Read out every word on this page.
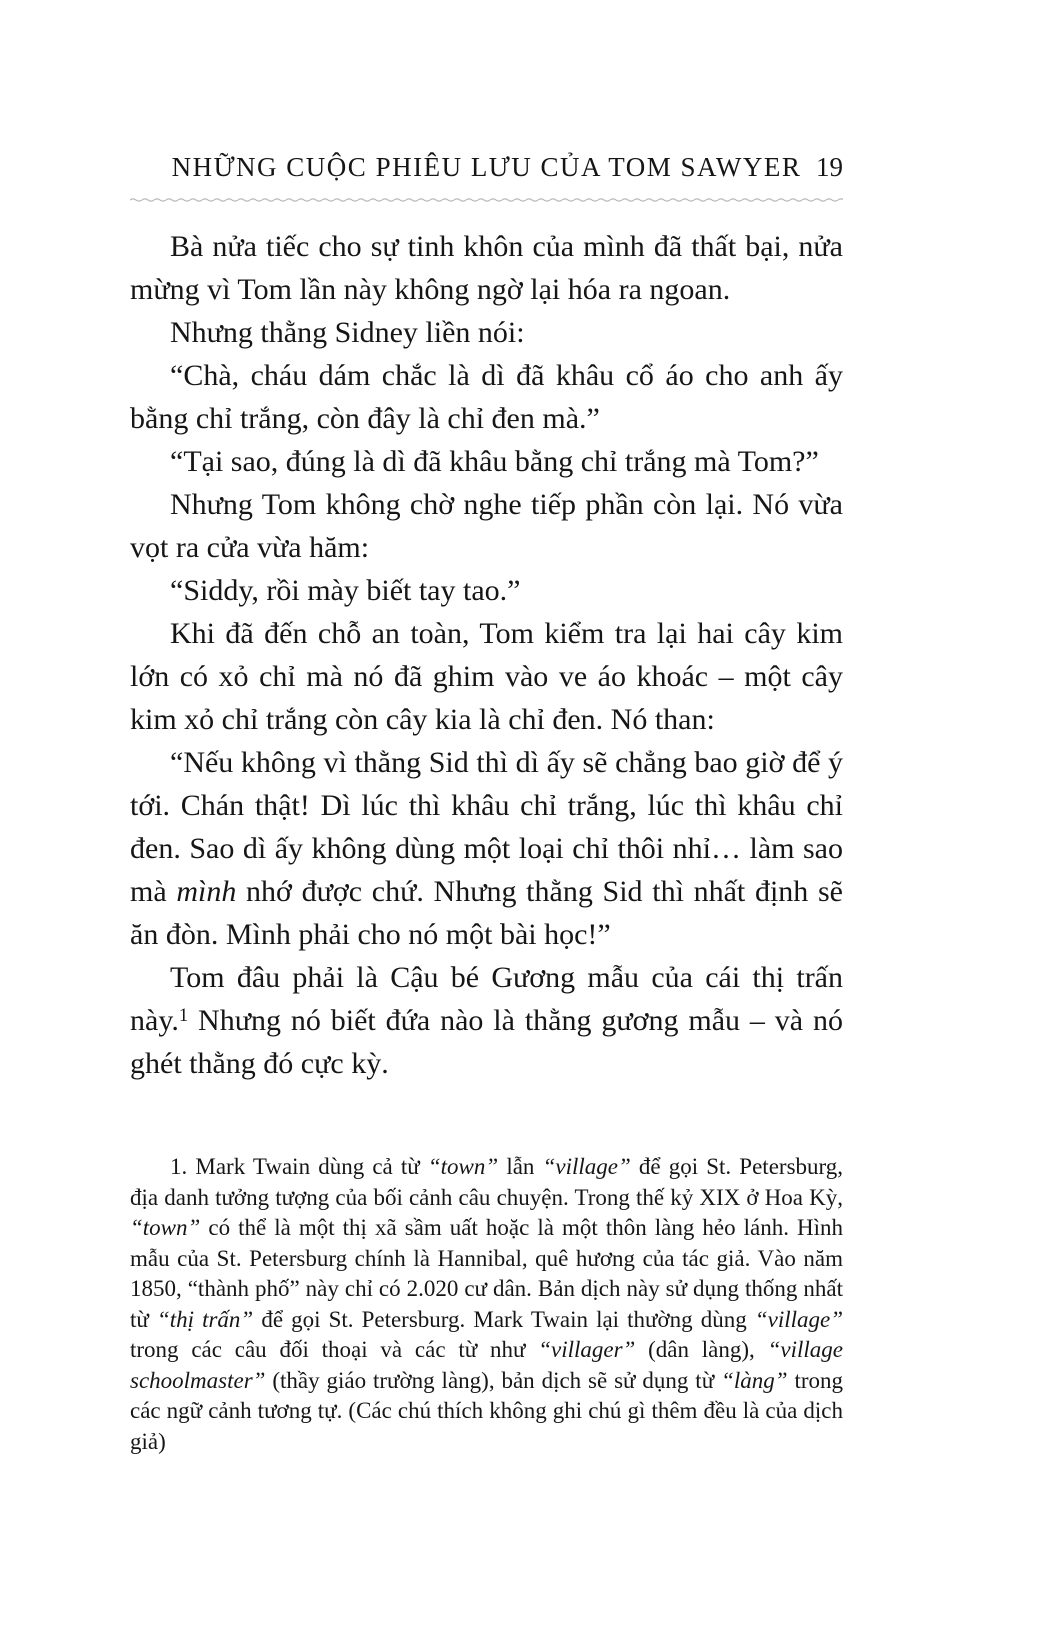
NHỮNG CUỘC PHIÊU LƯU CỦA TOM SAWYER 19

Bà nửa tiếc cho sự tinh khôn của mình đã thất bại, nửa mừng vì Tom lần này không ngờ lại hóa ra ngoan.

Nhưng thằng Sidney liền nói:

“Chà, cháu dám chắc là dì đã khâu cổ áo cho anh ấy bằng chỉ trắng, còn đây là chỉ đen mà.”

“Tại sao, đúng là dì đã khâu bằng chỉ trắng mà Tom?”

Nhưng Tom không chờ nghe tiếp phần còn lại. Nó vừa vọt ra cửa vừa hăm:

“Siddy, rồi mày biết tay tao.”

Khi đã đến chỗ an toàn, Tom kiểm tra lại hai cây kim lớn có xỏ chỉ mà nó đã ghim vào ve áo khoác – một cây kim xỏ chỉ trắng còn cây kia là chỉ đen. Nó than:

“Nếu không vì thằng Sid thì dì ấy sẽ chẳng bao giờ để ý tới. Chán thật! Dì lúc thì khâu chỉ trắng, lúc thì khâu chỉ đen. Sao dì ấy không dùng một loại chỉ thôi nhỉ… làm sao mà mình nhớ được chứ. Nhưng thằng Sid thì nhất định sẽ ăn đòn. Mình phải cho nó một bài học!”

Tom đâu phải là Cậu bé Gương mẫu của cái thị trấn này.$^1$ Nhưng nó biết đứa nào là thằng gương mẫu – và nó ghét thằng đó cực kỳ.

1. Mark Twain dùng cả từ “town” lẫn “village” để gọi St. Petersburg, địa danh tưởng tượng của bối cảnh câu chuyện. Trong thế kỷ XIX ở Hoa Kỳ, “town” có thể là một thị xã sầm uất hoặc là một thôn làng hẻo lánh. Hình mẫu của St. Petersburg chính là Hannibal, quê hương của tác giả. Vào năm 1850, “thành phố” này chỉ có 2.020 cư dân. Bản dịch này sử dụng thống nhất từ “thị trấn” để gọi St. Petersburg. Mark Twain lại thường dùng “village” trong các câu đối thoại và các từ như “villager” (dân làng), “village schoolmaster” (thầy giáo trường làng), bản dịch sẽ sử dụng từ “làng” trong các ngữ cảnh tương tự. (Các chú thích không ghi chú gì thêm đều là của dịch giả)
